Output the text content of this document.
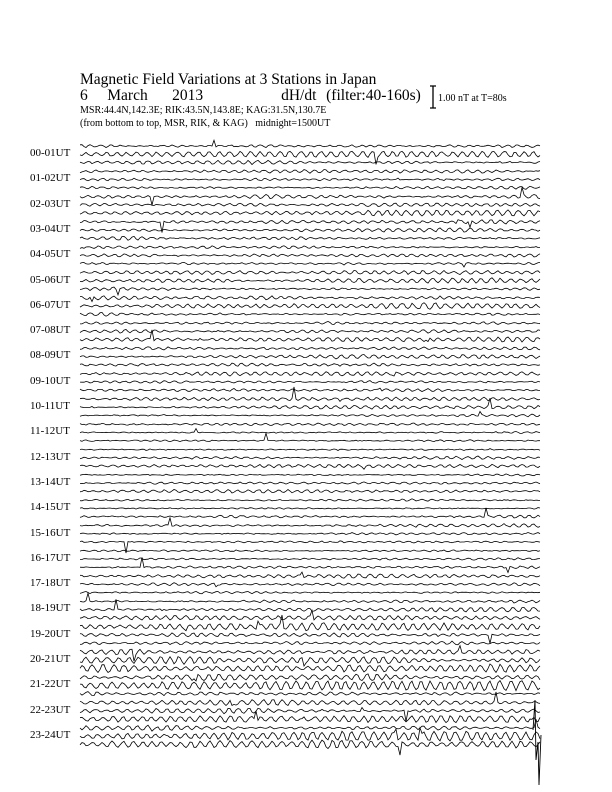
Magnetic Field Variations at 3 Stations in Japan
6 March 2013	dH/dt (filter:40-160s)
MSR:44.4N,142.3E; RIK:43.5N,143.8E; KAG:31.5N,130.7E
(from bottom to top, MSR, RIK, & KAG) midnight=1500UT
1.00 nT at T=80s
00-01UT
01-02UT
02-03UT
03-04UT
04-05UT
05-06UT
06-07UT
07-08UT
08-09UT
09-10UT
10-11UT
11-12UT
12-13UT
13-14UT
14-15UT
15-16UT
16-17UT
17-18UT
18-19UT
19-20UT
20-21UT
21-22UT
22-23UT
23-24UT
